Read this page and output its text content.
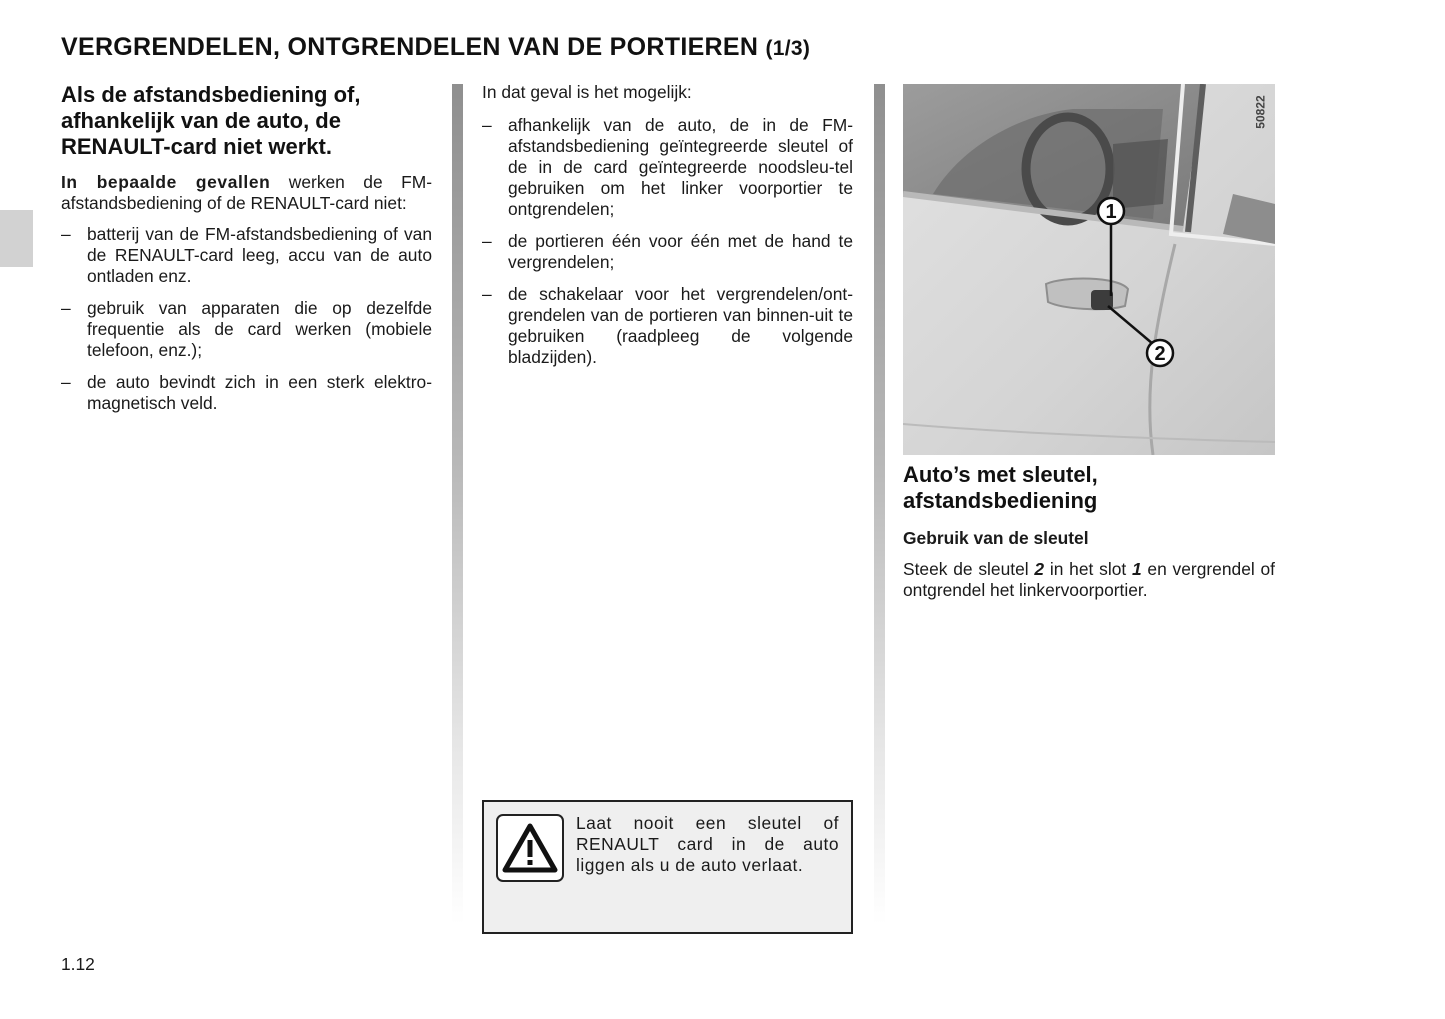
VERGRENDELEN, ONTGRENDELEN VAN DE PORTIEREN (1/3)
Als de afstandsbediening of, afhankelijk van de auto, de RENAULT-card niet werkt.

In bepaalde gevallen werken de FM-afstandsbediening of de RENAULT-card niet:

– batterij van de FM-afstandsbediening of van de RENAULT-card leeg, accu van de auto ontladen enz.
– gebruik van apparaten die op dezelfde frequentie als de card werken (mobiele telefoon, enz.);
– de auto bevindt zich in een sterk elektro-magnetisch veld.

In dat geval is het mogelijk:

– afhankelijk van de auto, de in de FM-afstandsbediening geïntegreerde sleutel of de in de card geïntegreerde noodsleu-tel gebruiken om het linker voorportier te ontgrendelen;
– de portieren één voor één met de hand te vergrendelen;
– de schakelaar voor het vergrendelen/ont-grendelen van de portieren van binnen-uit te gebruiken (raadpleeg de volgende bladzijden).
Laat nooit een sleutel of RENAULT card in de auto liggen als u de auto verlaat.
1
2
50822
Auto’s met sleutel, afstandsbediening
Gebruik van de sleutel

Steek de sleutel 2 in het slot 1 en vergrendel of ontgrendel het linkervoorportier.

1.12
